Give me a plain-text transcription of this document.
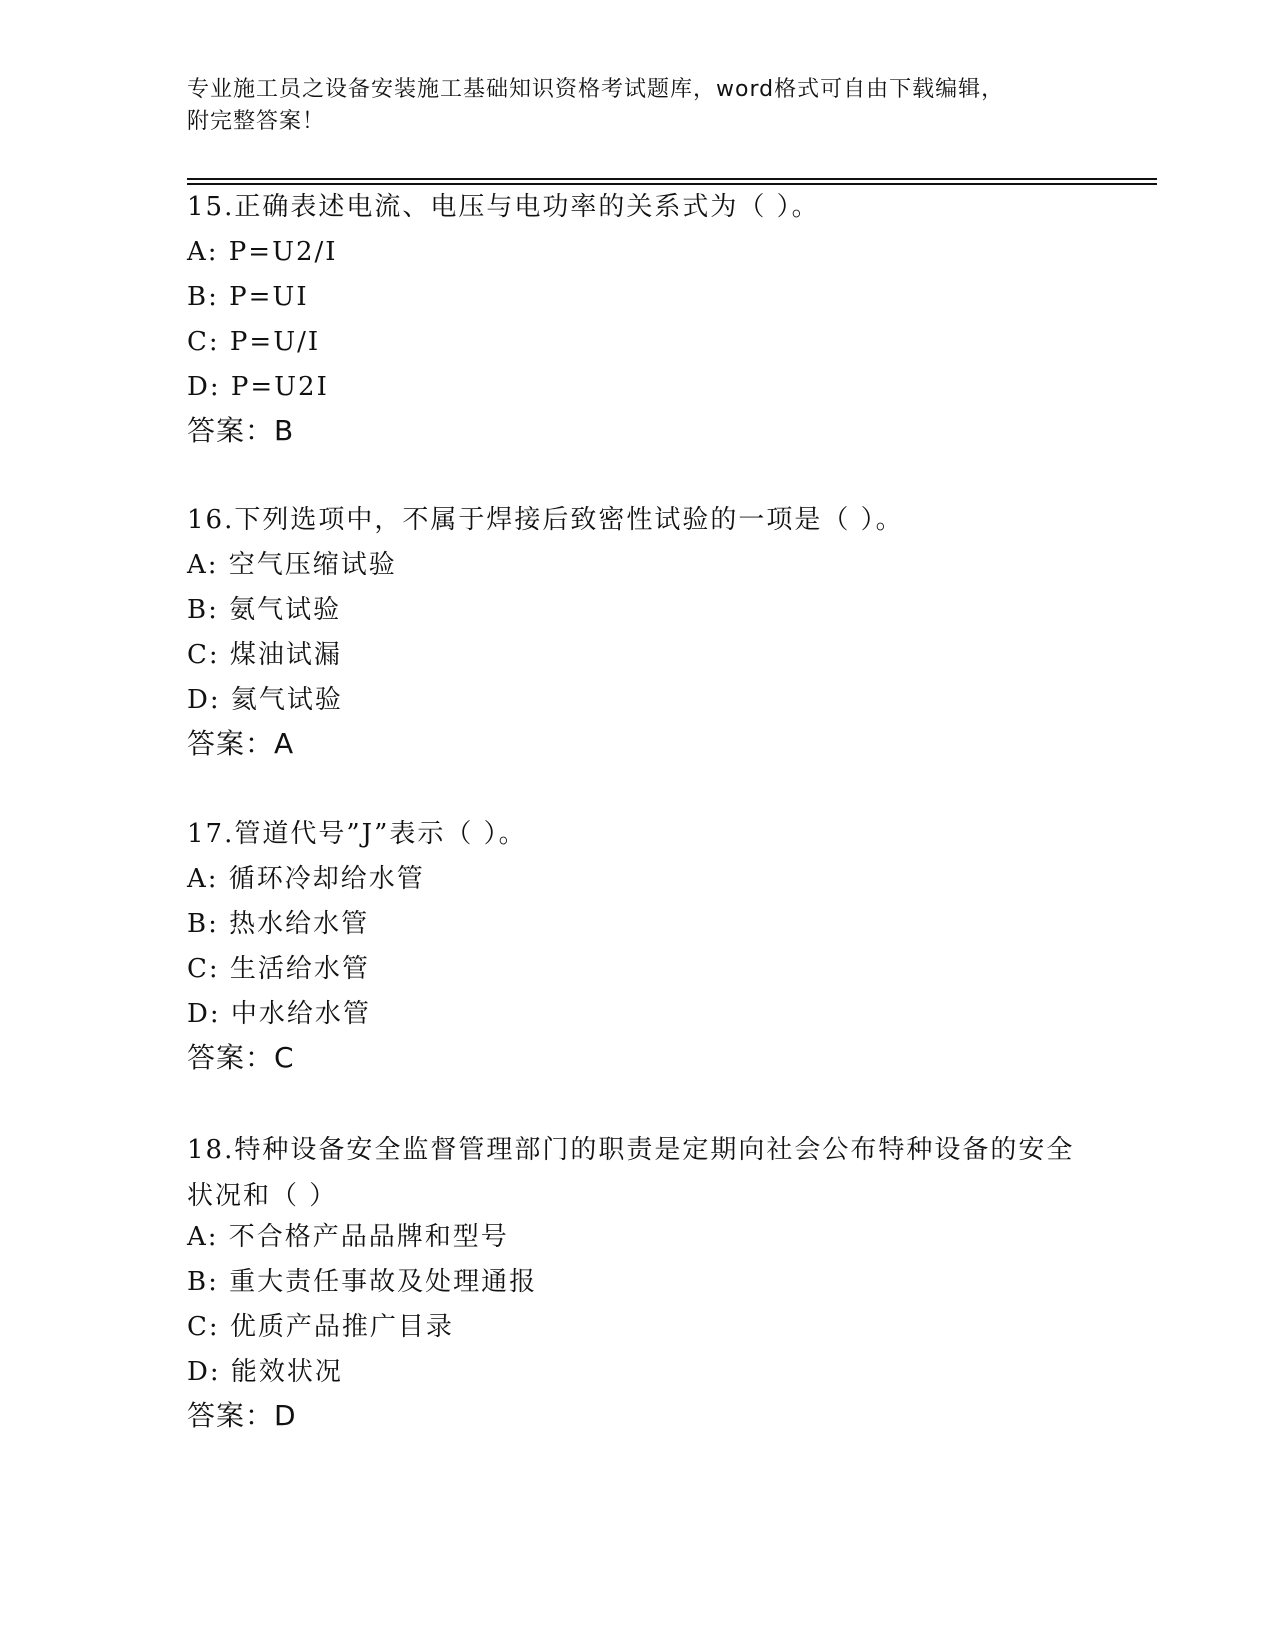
专业施工员之设备安装施工基础知识资格考试题库，word格式可自由下载编辑，
附完整答案！
15.正确表述电流、电压与电功率的关系式为（ ）。
A: P=U2/I
B: P=UI
C: P=U/I
D: P=U2I
答案：B
16.下列选项中，不属于焊接后致密性试验的一项是（ ）。
A: 空气压缩试验
B: 氨气试验
C: 煤油试漏
D: 氦气试验
答案：A
17.管道代号”J”表示（ ）。
A: 循环冷却给水管
B: 热水给水管
C: 生活给水管
D: 中水给水管
答案：C
18.特种设备安全监督管理部门的职责是定期向社会公布特种设备的安全状况和（ ）
A: 不合格产品品牌和型号
B: 重大责任事故及处理通报
C: 优质产品推广目录
D: 能效状况
答案：D
